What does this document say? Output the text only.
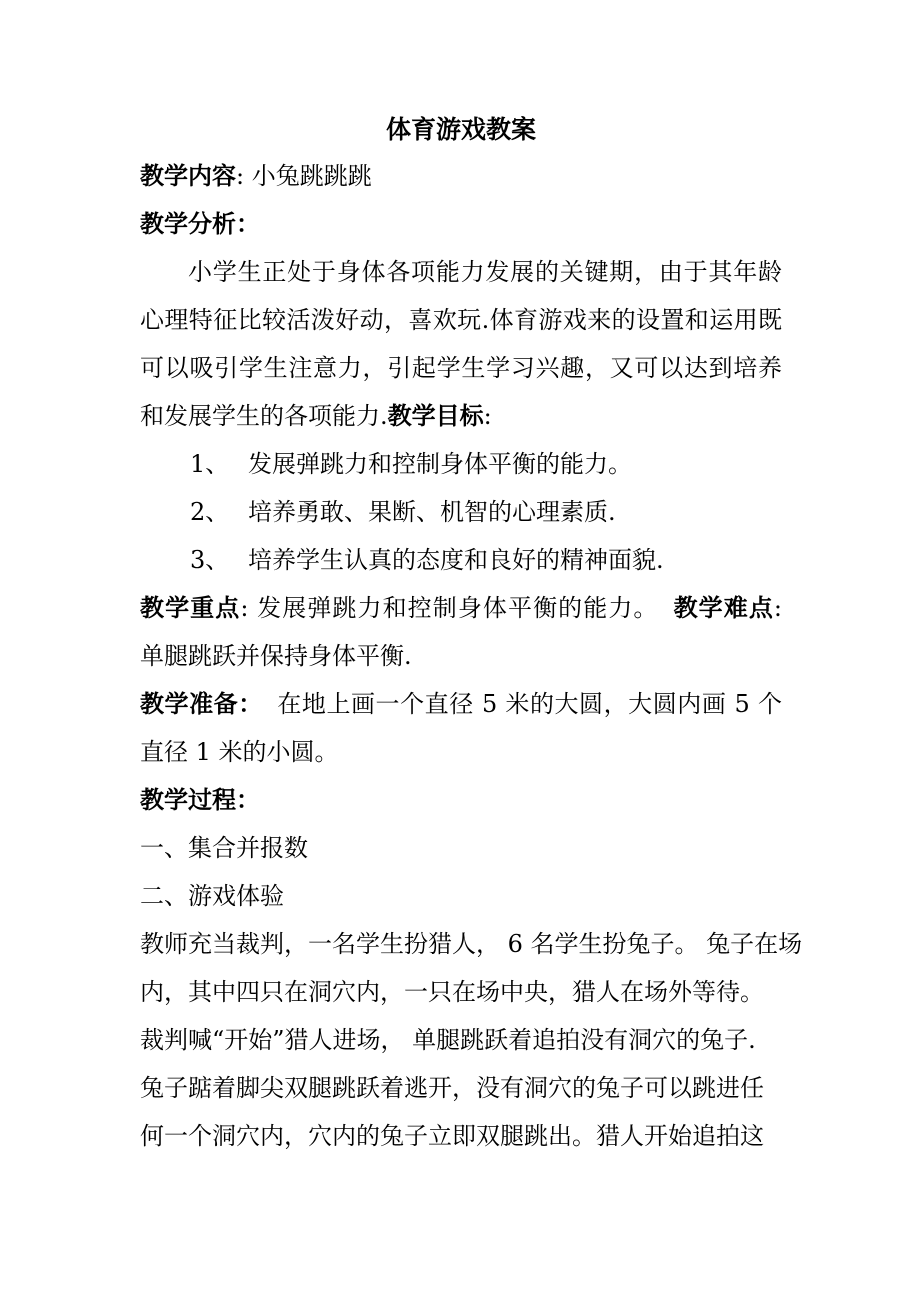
体育游戏教案

教学内容: 小兔跳跳跳

教学分析：

小学生正处于身体各项能力发展的关键期，由于其年龄心理特征比较活泼好动，喜欢玩.体育游戏来的设置和运用既可以吸引学生注意力，引起学生学习兴趣，又可以达到培养和发展学生的各项能力.教学目标:

1、 发展弹跳力和控制身体平衡的能力。

2、 培养勇敢、果断、机智的心理素质.

3、 培养学生认真的态度和良好的精神面貌.

教学重点: 发展弹跳力和控制身体平衡的能力。 教学难点: 单腿跳跃并保持身体平衡.

教学准备： 在地上画一个直径 5 米的大圆，大圆内画 5 个直径 1 米的小圆。

教学过程：

一、集合并报数

二、游戏体验

教师充当裁判，一名学生扮猎人， 6 名学生扮兔子。 兔子在场

内，其中四只在洞穴内，一只在场中央，猎人在场外等待。

裁判喊“开始”猎人进场， 单腿跳跃着追拍没有洞穴的兔子.

兔子踮着脚尖双腿跳跃着逃开，没有洞穴的兔子可以跳进任

何一个洞穴内，穴内的兔子立即双腿跳出。猎人开始追拍这
